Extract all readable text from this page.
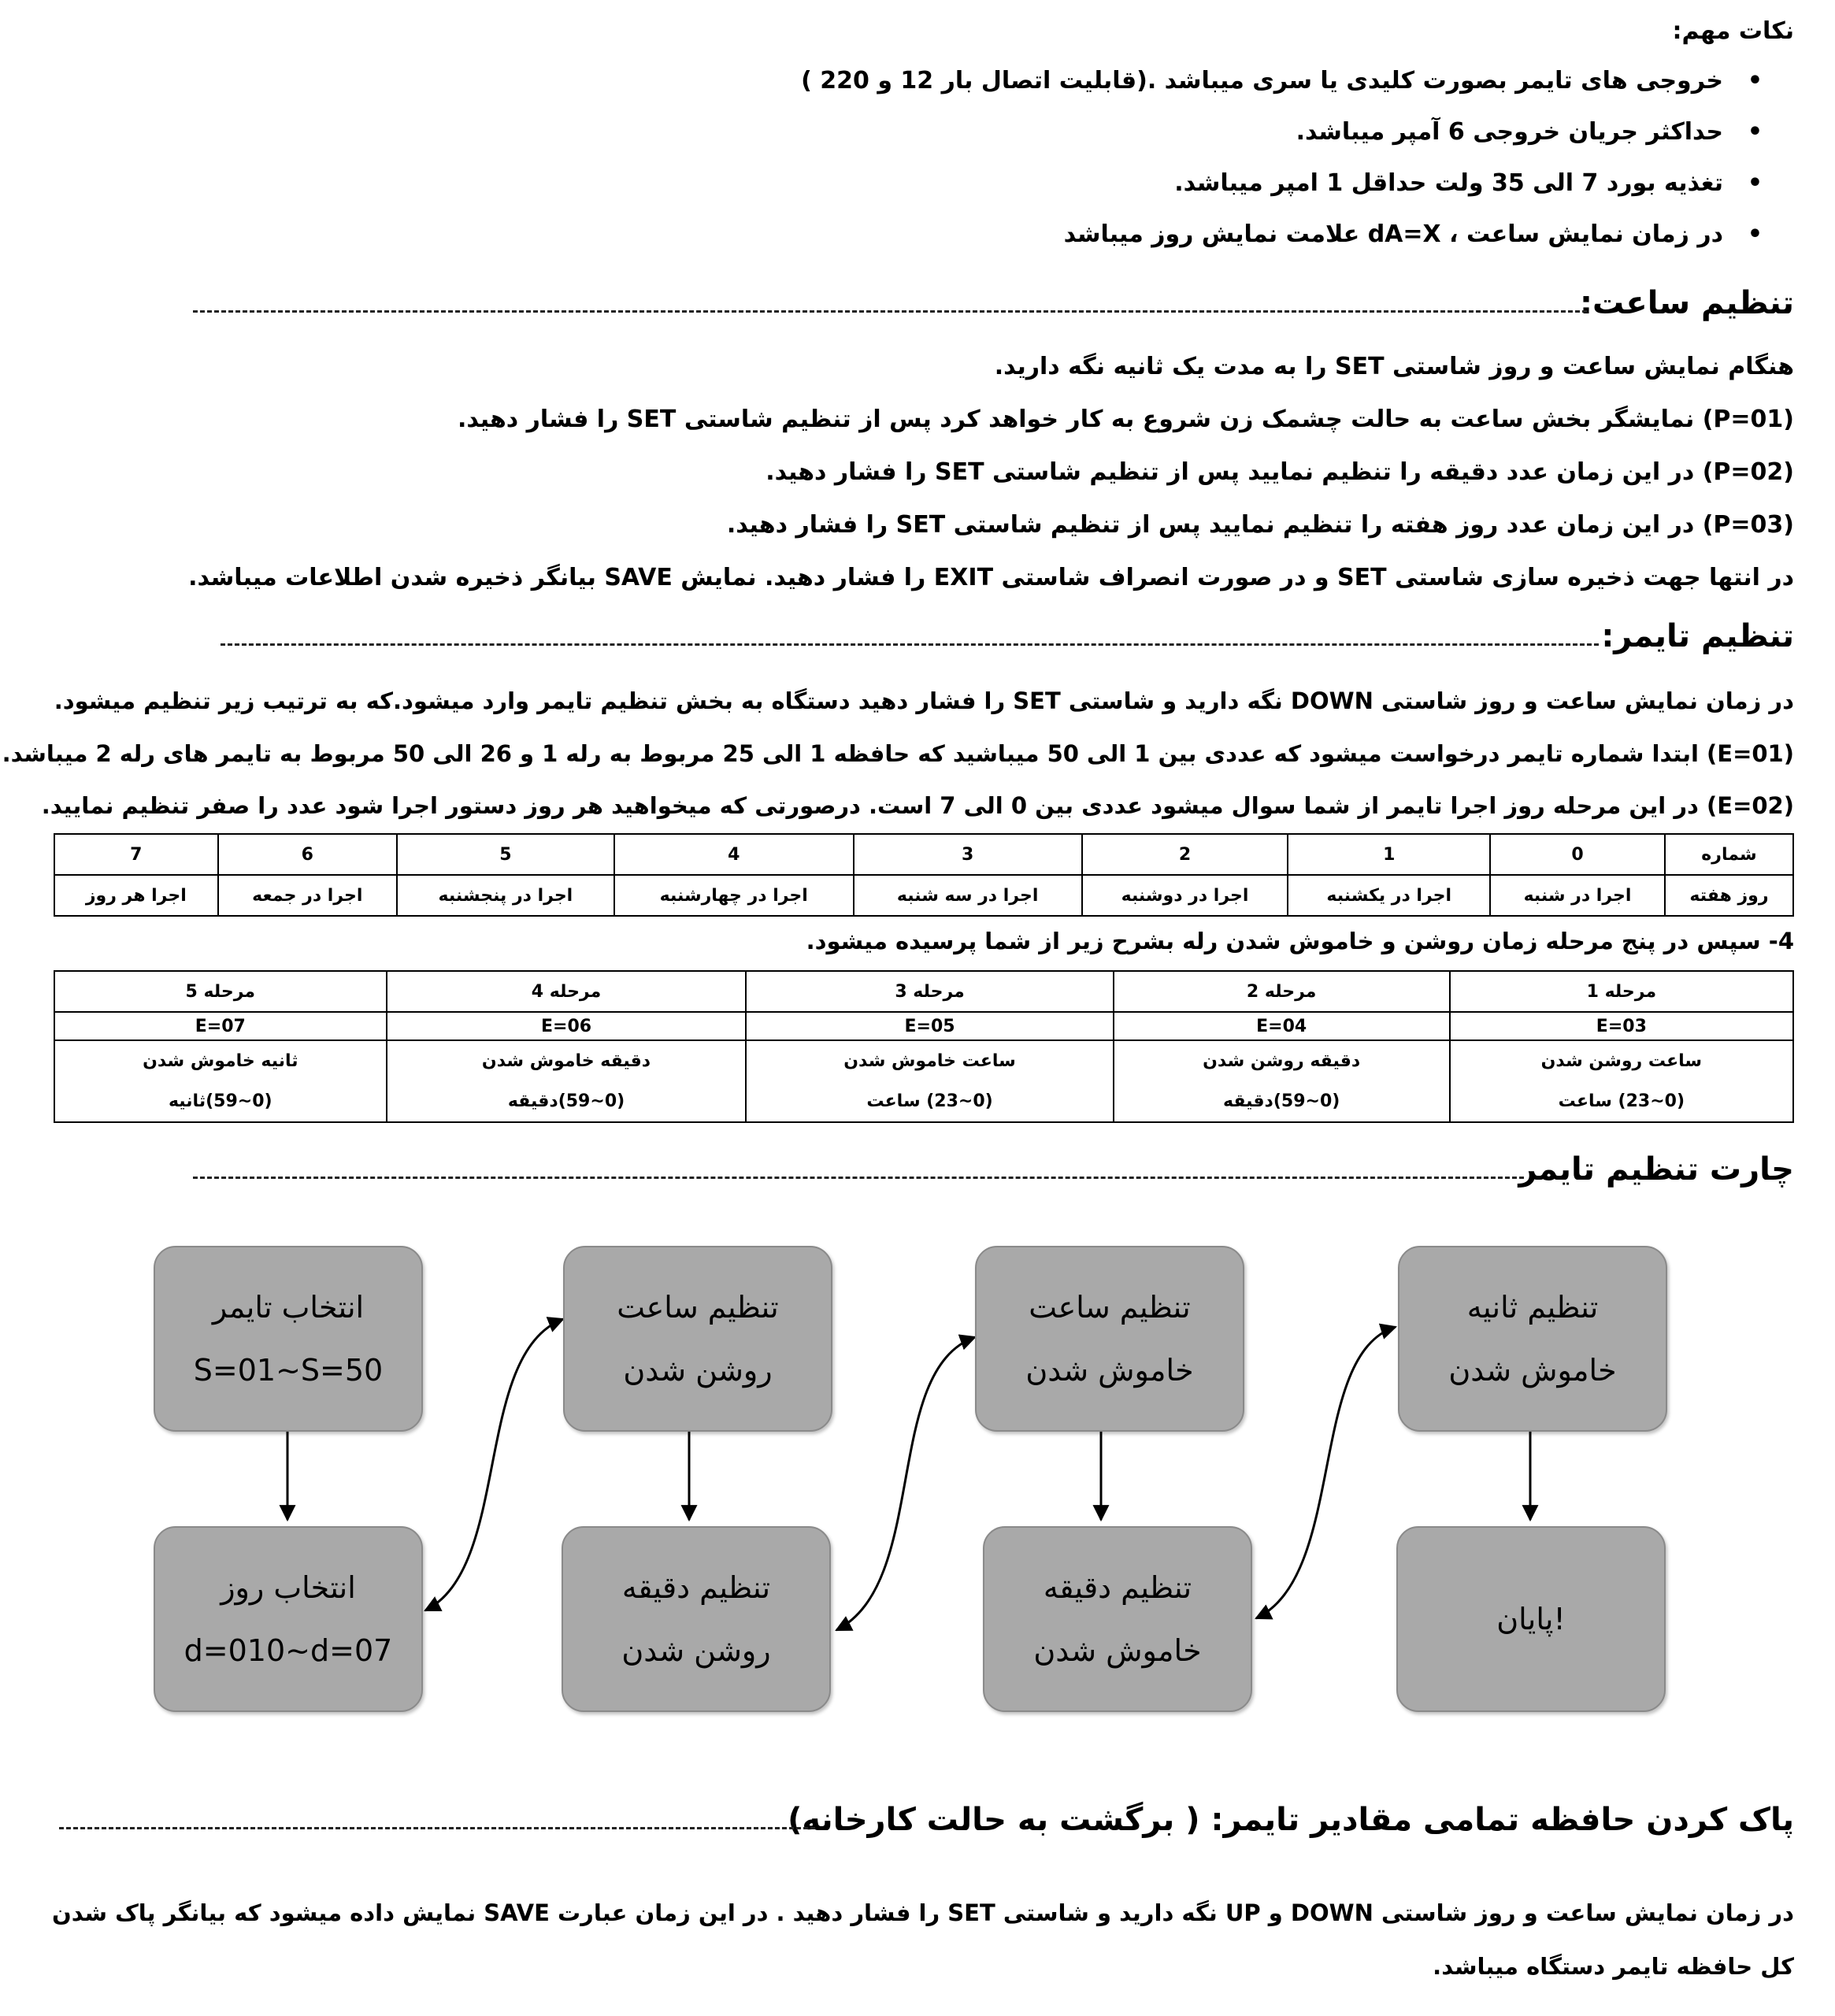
نکات مهم:
•
خروجی های تایمر بصورت کلیدی یا سری میباشد .(قابلیت اتصال بار 12 و 220 )
•
حداکثر جریان خروجی 6 آمپر میباشد.
•
تغذیه بورد 7 الی 35 ولت حداقل 1 امپر میباشد.
•
در زمان نمایش ساعت ، dA=X علامت نمایش روز میباشد
تنظیم ساعت:
هنگام نمایش ساعت و روز شاستی SET را به مدت یک ثانیه نگه دارید.
(P=01) نمایشگر بخش ساعت به حالت چشمک زن شروع به کار خواهد کرد پس از تنظیم شاستی SET را فشار دهید.
(P=02) در این زمان عدد دقیقه را تنظیم نمایید پس از تنظیم شاستی SET را فشار دهید.
(P=03) در این زمان عدد روز هفته را تنظیم نمایید پس از تنظیم شاستی SET را فشار دهید.
در انتها جهت ذخیره سازی شاستی SET و در صورت انصراف شاستی EXIT را فشار دهید. نمایش SAVE بیانگر ذخیره شدن اطلاعات میباشد.
تنظیم تایمر:
در زمان نمایش ساعت و روز شاستی DOWN نگه دارید و شاستی SET را فشار دهید دستگاه به بخش تنظیم تایمر وارد میشود.که به ترتیب زیر تنظیم میشود.
(E=01) ابتدا شماره تایمر درخواست میشود که عددی بین 1 الی 50 میباشید که حافظه 1 الی 25 مربوط به رله 1 و 26 الی 50 مربوط به تایمر های رله 2 میباشد.
(E=02) در این مرحله روز اجرا تایمر از شما سوال میشود عددی بین 0 الی 7 است. درصورتی که میخواهید هر روز دستور اجرا شود عدد را صفر تنظیم نمایید.
شماره	0	1	2	3	4	5	6	7
روز هفته	اجرا در شنبه	اجرا در یکشنبه	اجرا در دوشنبه	اجرا در سه شنبه	اجرا در چهارشنبه	اجرا در پنجشنبه	اجرا در جمعه	اجرا هر روز
4- سپس در پنج مرحله زمان روشن و خاموش شدن رله بشرح زیر از شما پرسیده میشود.
مرحله 1	مرحله 2	مرحله 3	مرحله 4	مرحله 5
E=03	E=04	E=05	E=06	E=07
ساعت روشن شدن	دقیقه روشن شدن	ساعت خاموش شدن	دقیقه خاموش شدن	ثانیه خاموش شدن
(0~23) ساعت	(0~59)دقیقه	(0~23) ساعت	(0~59)دقیقه	(0~59)ثانیه
چارت تنظیم تایمر
انتخاب تایمر
S=01~S=50
تنظیم ساعت
روشن شدن
تنظیم ساعت
خاموش شدن
تنظیم ثانیه
خاموش شدن
انتخاب روز
d=010~d=07
تنظیم دقیقه
روشن شدن
تنظیم دقیقه
خاموش شدن
پایان!
پاک کردن حافظه تمامی مقادیر تایمر: ( برگشت به حالت کارخانه)
در زمان نمایش ساعت و روز شاستی DOWN و UP نگه دارید و شاستی SET را فشار دهید . در این زمان عبارت SAVE نمایش داده میشود که بیانگر پاک شدن
کل حافظه تایمر دستگاه میباشد.
